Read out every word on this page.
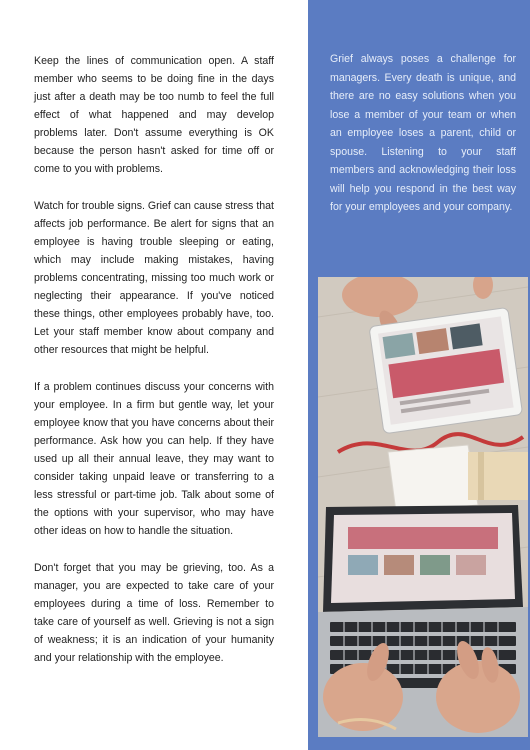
Keep the lines of communication open. A staff member who seems to be doing fine in the days just after a death may be too numb to feel the full effect of what happened and may develop problems later. Don't assume everything is OK because the person hasn't asked for time off or come to you with problems.

Watch for trouble signs. Grief can cause stress that affects job performance. Be alert for signs that an employee is having trouble sleeping or eating, which may include making mistakes, having problems concentrating, missing too much work or neglecting their appearance. If you've noticed these things, other employees probably have, too. Let your staff member know about company and other resources that might be helpful.

If a problem continues discuss your concerns with your employee. In a firm but gentle way, let your employee know that you have concerns about their performance. Ask how you can help. If they have used up all their annual leave, they may want to consider taking unpaid leave or transferring to a less stressful or part-time job. Talk about some of the options with your supervisor, who may have other ideas on how to handle the situation.

Don't forget that you may be grieving, too. As a manager, you are expected to take care of your employees during a time of loss. Remember to take care of yourself as well. Grieving is not a sign of weakness; it is an indication of your humanity and your relationship with the employee.

Grief always poses a challenge for managers. Every death is unique, and there are no easy solutions when you lose a member of your team or when an employee loses a parent, child or spouse. Listening to your staff members and acknowledging their loss will help you respond in the best way for your employees and your company.
